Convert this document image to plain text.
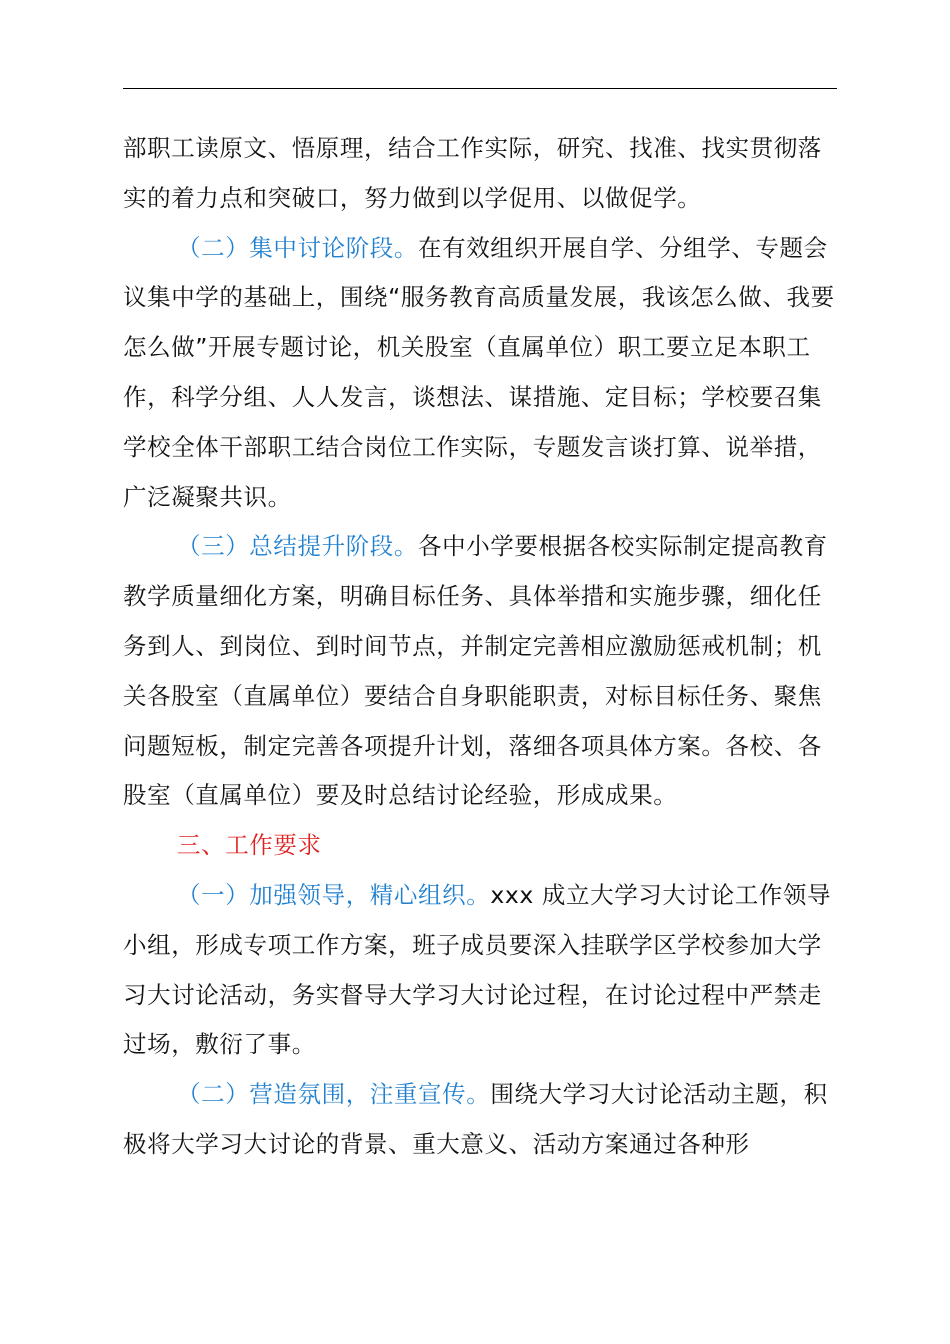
部职工读原文、悟原理，结合工作实际，研究、找准、找实贯彻落实的着力点和突破口，努力做到以学促用、以做促学。

（二）集中讨论阶段。在有效组织开展自学、分组学、专题会议集中学的基础上，围绕“服务教育高质量发展，我该怎么做、我要怎么做”开展专题讨论，机关股室（直属单位）职工要立足本职工作，科学分组、人人发言，谈想法、谋措施、定目标；学校要召集学校全体干部职工结合岗位工作实际，专题发言谈打算、说举措，广泛凝聚共识。

（三）总结提升阶段。各中小学要根据各校实际制定提高教育教学质量细化方案，明确目标任务、具体举措和实施步骤，细化任务到人、到岗位、到时间节点，并制定完善相应激励惩戒机制；机关各股室（直属单位）要结合自身职能职责，对标目标任务、聚焦问题短板，制定完善各项提升计划，落细各项具体方案。各校、各股室（直属单位）要及时总结讨论经验，形成成果。

三、工作要求

（一）加强领导，精心组织。xxx 成立大学习大讨论工作领导小组，形成专项工作方案，班子成员要深入挂联学区学校参加大学习大讨论活动，务实督导大学习大讨论过程，在讨论过程中严禁走过场，敷衍了事。

（二）营造氛围，注重宣传。围绕大学习大讨论活动主题，积极将大学习大讨论的背景、重大意义、活动方案通过各种形
